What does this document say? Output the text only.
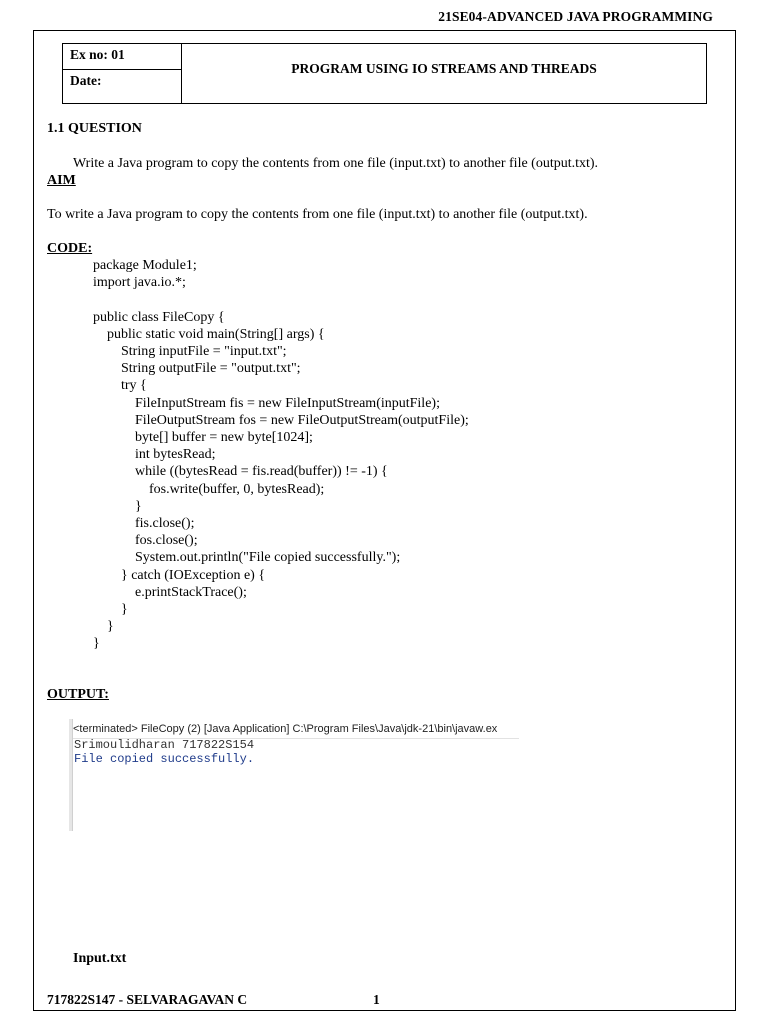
21SE04-ADVANCED JAVA PROGRAMMING
Ex no: 01
Date:
PROGRAM USING IO STREAMS AND THREADS
1.1 QUESTION
Write a Java program to copy the contents from one file (input.txt) to another file (output.txt).
AIM
To write a Java program to copy the contents from one file (input.txt) to another file (output.txt).
CODE:
package Module1;
import java.io.*;

public class FileCopy {
public static void main(String[] args) {
String inputFile = "input.txt";
String outputFile = "output.txt";
try {
FileInputStream fis = new FileInputStream(inputFile);
FileOutputStream fos = new FileOutputStream(outputFile);
byte[] buffer = new byte[1024];
int bytesRead;
while ((bytesRead = fis.read(buffer)) != -1) {
fos.write(buffer, 0, bytesRead);
}
fis.close();
fos.close();
System.out.println("File copied successfully.");
} catch (IOException e) {
e.printStackTrace();
}
}
}
OUTPUT:
<terminated> FileCopy (2) [Java Application] C:\Program Files\Java\jdk-21\bin\javaw.ex
Srimoulidharan 717822S154
File copied successfully.
Input.txt
717822S147 - SELVARAGAVAN C	1
